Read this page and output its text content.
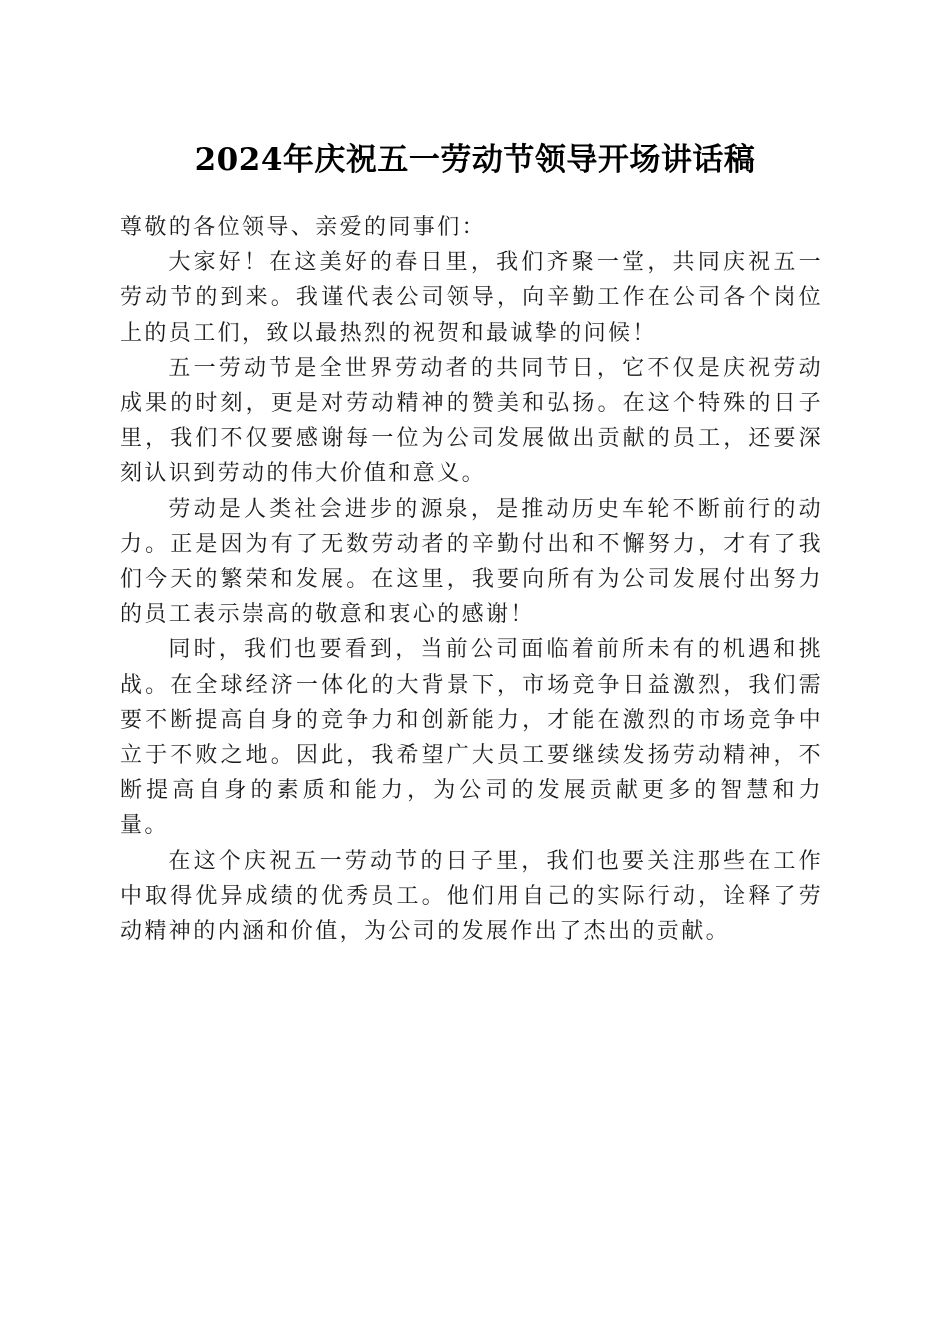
2024年庆祝五一劳动节领导开场讲话稿

尊敬的各位领导、亲爱的同事们：

大家好！在这美好的春日里，我们齐聚一堂，共同庆祝五一劳动节的到来。我谨代表公司领导，向辛勤工作在公司各个岗位上的员工们，致以最热烈的祝贺和最诚挚的问候！

五一劳动节是全世界劳动者的共同节日，它不仅是庆祝劳动成果的时刻，更是对劳动精神的赞美和弘扬。在这个特殊的日子里，我们不仅要感谢每一位为公司发展做出贡献的员工，还要深刻认识到劳动的伟大价值和意义。

劳动是人类社会进步的源泉，是推动历史车轮不断前行的动力。正是因为有了无数劳动者的辛勤付出和不懈努力，才有了我们今天的繁荣和发展。在这里，我要向所有为公司发展付出努力的员工表示崇高的敬意和衷心的感谢！

同时，我们也要看到，当前公司面临着前所未有的机遇和挑战。在全球经济一体化的大背景下，市场竞争日益激烈，我们需要不断提高自身的竞争力和创新能力，才能在激烈的市场竞争中立于不败之地。因此，我希望广大员工要继续发扬劳动精神，不断提高自身的素质和能力，为公司的发展贡献更多的智慧和力量。

在这个庆祝五一劳动节的日子里，我们也要关注那些在工作中取得优异成绩的优秀员工。他们用自己的实际行动，诠释了劳动精神的内涵和价值，为公司的发展作出了杰出的贡献。
